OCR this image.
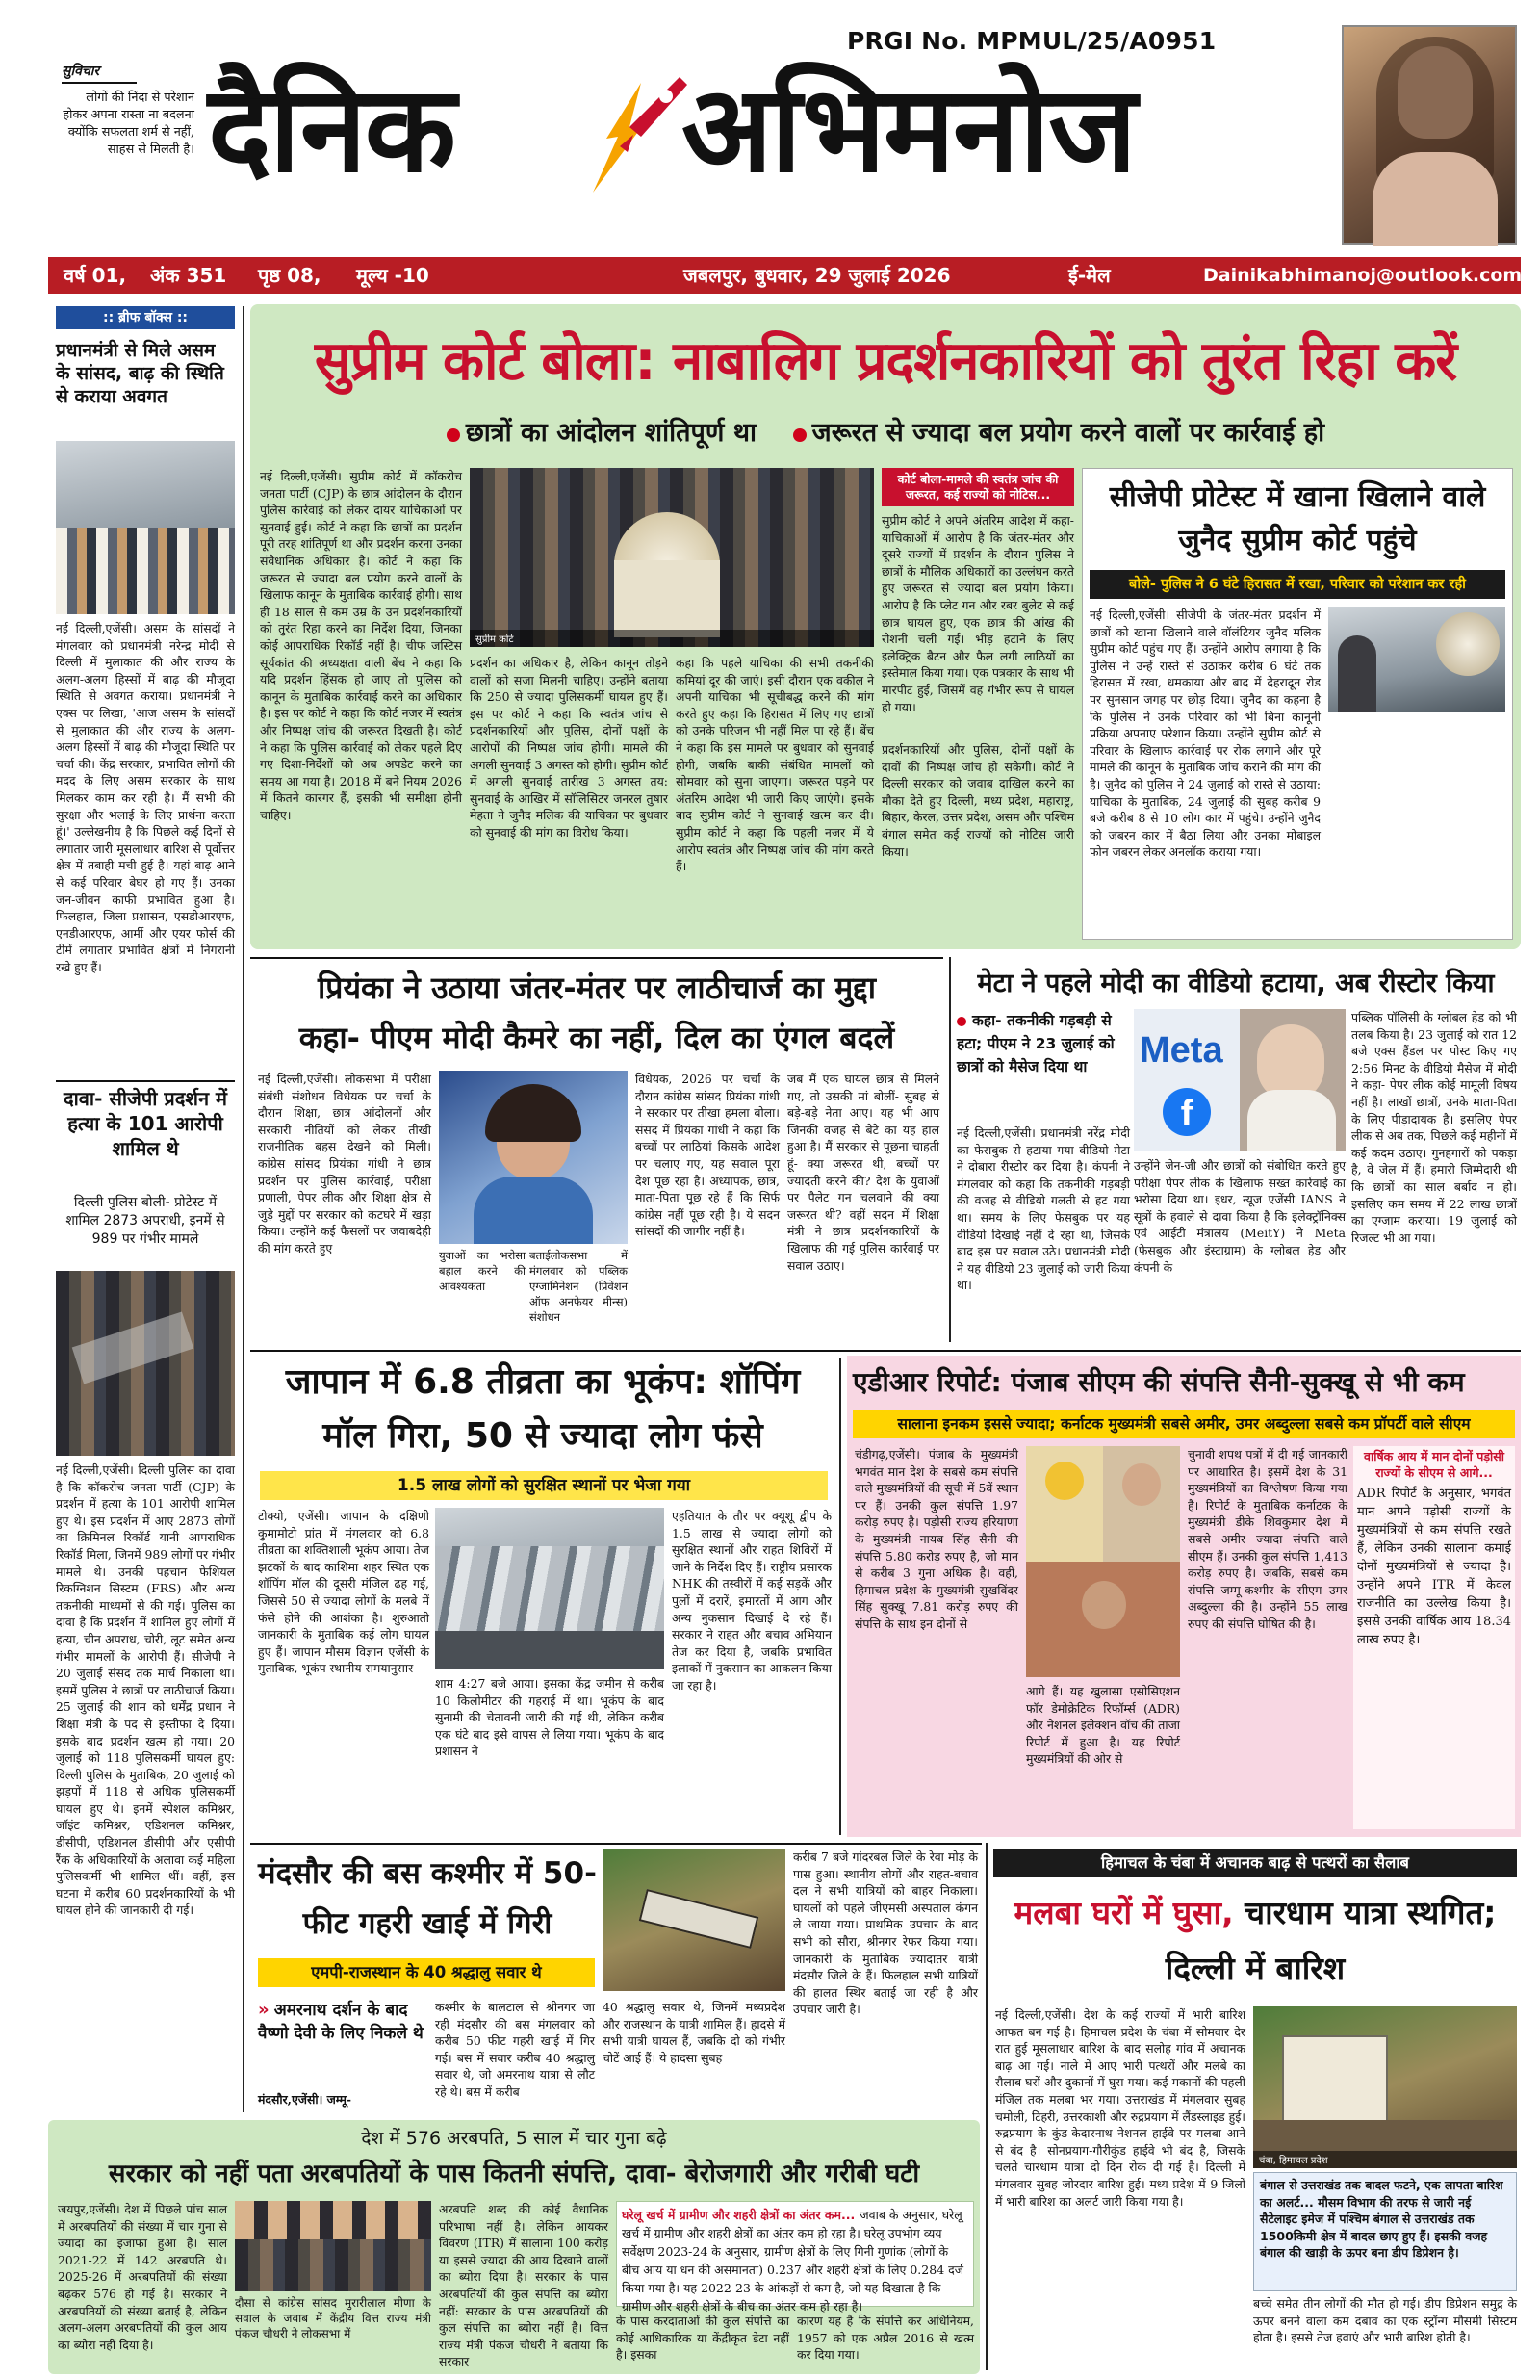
PRGI No. MPMUL/25/A0951
सुविचार
लोगों की निंदा से परेशान होकर अपना रास्ता ना बदलना क्योंकि सफलता शर्म से नहीं, साहस से मिलती है। दैनिक अभिमनोज
वर्ष 01, अंक 351 पृष्ठ 08, मूल्य -10	जबलपुर, बुधवार, 29 जुलाई 2026	ई-मेल	Dainikabhimanoj@outlook.com
:: ब्रीफ बॉक्स ::
प्रधानमंत्री से मिले असम के सांसद, बाढ़ की स्थिति से कराया अवगत
नई दिल्ली,एजेंसी। असम के सांसदों ने मंगलवार को प्रधानमंत्री नरेन्द्र मोदी से दिल्ली में मुलाकात की और राज्य के अलग-अलग हिस्सों में बाढ़ की मौजूदा स्थिति से अवगत कराया। प्रधानमंत्री ने एक्स पर लिखा, 'आज असम के सांसदों से मुलाकात की और राज्य के अलग-अलग हिस्सों में बाढ़ की मौजूदा स्थिति पर चर्चा की। केंद्र सरकार, प्रभावित लोगों की मदद के लिए असम सरकार के साथ मिलकर काम कर रही है। मैं सभी की सुरक्षा और भलाई के लिए प्रार्थना करता हूं।' उल्लेखनीय है कि पिछले कई दिनों से लगातार जारी मूसलाधार बारिश से पूर्वोत्तर क्षेत्र में तबाही मची हुई है। यहां बाढ़ आने से कई परिवार बेघर हो गए हैं। उनका जन-जीवन काफी प्रभावित हुआ है। फिलहाल, जिला प्रशासन, एसडीआरएफ, एनडीआरएफ, आर्मी और एयर फोर्स की टीमें लगातार प्रभावित क्षेत्रों में निगरानी रखे हुए हैं।
दावा- सीजेपी प्रदर्शन में हत्या के 101 आरोपी शामिल थे
दिल्ली पुलिस बोली- प्रोटेस्ट में शामिल 2873 अपराधी, इनमें से 989 पर गंभीर मामले
नई दिल्ली,एजेंसी। दिल्ली पुलिस का दावा है कि कॉकरोच जनता पार्टी (CJP) के प्रदर्शन में हत्या के 101 आरोपी शामिल हुए थे। इस प्रदर्शन में आए 2873 लोगों का क्रिमिनल रिकॉर्ड यानी आपराधिक रिकॉर्ड मिला, जिनमें 989 लोगों पर गंभीर मामले थे। उनकी पहचान फेशियल रिकग्निशन सिस्टम (FRS) और अन्य तकनीकी माध्यमों से की गई। पुलिस का दावा है कि प्रदर्शन में शामिल हुए लोगों में हत्या, चीन अपराध, चोरी, लूट समेत अन्य गंभीर मामलों के आरोपी हैं। सीजेपी ने 20 जुलाई संसद तक मार्च निकाला था। इसमें पुलिस ने छात्रों पर लाठीचार्ज किया। 25 जुलाई की शाम को धर्मेंद्र प्रधान ने शिक्षा मंत्री के पद से इस्तीफा दे दिया। इसके बाद प्रदर्शन खत्म हो गया। 20 जुलाई को 118 पुलिसकर्मी घायल हुए: दिल्ली पुलिस के मुताबिक, 20 जुलाई को झड़पों में 118 से अधिक पुलिसकर्मी घायल हुए थे। इनमें स्पेशल कमिश्नर, जॉइंट कमिश्नर, एडिशनल कमिश्नर, डीसीपी, एडिशनल डीसीपी और एसीपी रैंक के अधिकारियों के अलावा कई महिला पुलिसकर्मी भी शामिल थीं। वहीं, इस घटना में करीब 60 प्रदर्शनकारियों के भी घायल होने की जानकारी दी गई।
सुप्रीम कोर्ट बोला: नाबालिग प्रदर्शनकारियों को तुरंत रिहा करें
छात्रों का आंदोलन शांतिपूर्ण था जरूरत से ज्यादा बल प्रयोग करने वालों पर कार्रवाई हो
नई दिल्ली,एजेंसी। सुप्रीम कोर्ट में कॉकरोच जनता पार्टी (CJP) के छात्र आंदोलन के दौरान पुलिस कार्रवाई को लेकर दायर याचिकाओं पर सुनवाई हुई। कोर्ट ने कहा कि छात्रों का प्रदर्शन पूरी तरह शांतिपूर्ण था और प्रदर्शन करना उनका संवैधानिक अधिकार है। कोर्ट ने कहा कि जरूरत से ज्यादा बल प्रयोग करने वालों के खिलाफ कानून के मुताबिक कार्रवाई होगी। साथ ही 18 साल से कम उम्र के उन प्रदर्शनकारियों को तुरंत रिहा करने का निर्देश दिया, जिनका कोई आपराधिक रिकॉर्ड नहीं है। चीफ जस्टिस सूर्यकांत की अध्यक्षता वाली बेंच ने कहा कि यदि प्रदर्शन हिंसक हो जाए तो पुलिस को कानून के मुताबिक कार्रवाई करने का अधिकार है। इस पर कोर्ट ने कहा कि कोर्ट नजर में स्वतंत्र और निष्पक्ष जांच की जरूरत दिखती है। कोर्ट ने कहा कि पुलिस कार्रवाई को लेकर पहले दिए गए दिशा-निर्देशों को अब अपडेट करने का समय आ गया है। 2018 में बने नियम 2026 में कितने कारगर हैं, इसकी भी समीक्षा होनी चाहिए।
सुप्रीम कोर्ट
प्रदर्शन का अधिकार है, लेकिन कानून तोड़ने वालों को सजा मिलनी चाहिए। उन्होंने बताया कि 250 से ज्यादा पुलिसकर्मी घायल हुए हैं। इस पर कोर्ट ने कहा कि स्वतंत्र जांच से प्रदर्शनकारियों और पुलिस, दोनों पक्षों के आरोपों की निष्पक्ष जांच होगी। मामले की अगली सुनवाई 3 अगस्त को होगी। सुप्रीम कोर्ट में अगली सुनवाई तारीख 3 अगस्त तय: सुनवाई के आखिर में सॉलिसिटर जनरल तुषार मेहता ने जुनैद मलिक की याचिका पर बुधवार को सुनवाई की मांग का विरोध किया।
कहा कि पहले याचिका की सभी तकनीकी कमियां दूर की जाएं। इसी दौरान एक वकील ने अपनी याचिका भी सूचीबद्ध करने की मांग करते हुए कहा कि हिरासत में लिए गए छात्रों को उनके परिजन भी नहीं मिल पा रहे हैं। बेंच ने कहा कि इस मामले पर बुधवार को सुनवाई होगी, जबकि बाकी संबंधित मामलों को सोमवार को सुना जाएगा। जरूरत पड़ने पर अंतरिम आदेश भी जारी किए जाएंगे। इसके बाद सुप्रीम कोर्ट ने सुनवाई खत्म कर दी। सुप्रीम कोर्ट ने कहा कि पहली नजर में ये आरोप स्वतंत्र और निष्पक्ष जांच की मांग करते हैं।
कोर्ट बोला-मामले की स्वतंत्र जांच की जरूरत, कई राज्यों को नोटिस...
सुप्रीम कोर्ट ने अपने अंतरिम आदेश में कहा- याचिकाओं में आरोप है कि जंतर-मंतर और दूसरे राज्यों में प्रदर्शन के दौरान पुलिस ने छात्रों के मौलिक अधिकारों का उल्लंघन करते हुए जरूरत से ज्यादा बल प्रयोग किया। आरोप है कि प्लेट गन और रबर बुलेट से कई छात्र घायल हुए, एक छात्र की आंख की रोशनी चली गई। भीड़ हटाने के लिए इलेक्ट्रिक बैटन और फैल लगी लाठियों का इस्तेमाल किया गया। एक पत्रकार के साथ भी मारपीट हुई, जिसमें वह गंभीर रूप से घायल हो गया।
प्रदर्शनकारियों और पुलिस, दोनों पक्षों के दावों की निष्पक्ष जांच हो सकेगी। कोर्ट ने दिल्ली सरकार को जवाब दाखिल करने का मौका देते हुए दिल्ली, मध्य प्रदेश, महाराष्ट्र, बिहार, केरल, उत्तर प्रदेश, असम और पश्चिम बंगाल समेत कई राज्यों को नोटिस जारी किया।
सीजेपी प्रोटेस्ट में खाना खिलाने वाले जुनैद सुप्रीम कोर्ट पहुंचे
बोले- पुलिस ने 6 घंटे हिरासत में रखा, परिवार को परेशान कर रही
नई दिल्ली,एजेंसी। सीजेपी के जंतर-मंतर प्रदर्शन में छात्रों को खाना खिलाने वाले वॉलंटियर जुनैद मलिक सुप्रीम कोर्ट पहुंच गए हैं। उन्होंने आरोप लगाया है कि पुलिस ने उन्हें रास्ते से उठाकर करीब 6 घंटे तक हिरासत में रखा, धमकाया और बाद में देहरादून रोड पर सुनसान जगह पर छोड़ दिया। जुनैद का कहना है कि पुलिस ने उनके परिवार को भी बिना कानूनी प्रक्रिया अपनाए परेशान किया। उन्होंने सुप्रीम कोर्ट से परिवार के खिलाफ कार्रवाई पर रोक लगाने और पूरे मामले की कानून के मुताबिक जांच कराने की मांग की है। जुनैद को पुलिस ने 24 जुलाई को रास्ते से उठाया: याचिका के मुताबिक, 24 जुलाई की सुबह करीब 9 बजे करीब 8 से 10 लोग कार में पहुंचे। उन्होंने जुनैद को जबरन कार में बैठा लिया और उनका मोबाइल फोन जबरन लेकर अनलॉक कराया गया।
प्रियंका ने उठाया जंतर-मंतर पर लाठीचार्ज का मुद्दा
कहा- पीएम मोदी कैमरे का नहीं, दिल का एंगल बदलें
नई दिल्ली,एजेंसी। लोकसभा में परीक्षा संबंधी संशोधन विधेयक पर चर्चा के दौरान शिक्षा, छात्र आंदोलनों और सरकारी नीतियों को लेकर तीखी राजनीतिक बहस देखने को मिली। कांग्रेस सांसद प्रियंका गांधी ने छात्र प्रदर्शन पर पुलिस कार्रवाई, परीक्षा प्रणाली, पेपर लीक और शिक्षा क्षेत्र से जुड़े मुद्दों पर सरकार को कटघरे में खड़ा किया। उन्होंने कई फैसलों पर जवाबदेही की मांग करते हुए
युवाओं का भरोसा बहाल करने की आवश्यकता
बताईलोकसभा में मंगलवार को पब्लिक एग्जामिनेशन (प्रिवेंशन ऑफ अनफेयर मीन्स) संशोधन
विधेयक, 2026 पर चर्चा के दौरान कांग्रेस सांसद प्रियंका गांधी ने सरकार पर तीखा हमला बोला। संसद में प्रियंका गांधी ने कहा कि बच्चों पर लाठियां किसके आदेश पर चलाए गए, यह सवाल पूरा देश पूछ रहा है। अध्यापक, छात्र, माता-पिता पूछ रहे हैं कि सिर्फ कांग्रेस नहीं पूछ रही है। ये सदन सांसदों की जागीर नहीं है।
जब मैं एक घायल छात्र से मिलने गए, तो उसकी मां बोलीं- सुबह से बड़े-बड़े नेता आए। यह भी आप जिनकी वजह से बेटे का यह हाल हुआ है। मैं सरकार से पूछना चाहती हूं- क्या जरूरत थी, बच्चों पर ज्यादती करने की? देश के युवाओं पर पैलेट गन चलवाने की क्या जरूरत थी? वहीं सदन में शिक्षा मंत्री ने छात्र प्रदर्शनकारियों के खिलाफ की गई पुलिस कार्रवाई पर सवाल उठाए।
मेटा ने पहले मोदी का वीडियो हटाया, अब रीस्टोर किया
कहा- तकनीकी गड़बड़ी से हटा; पीएम ने 23 जुलाई को छात्रों को मैसेज दिया था	Meta
f
नई दिल्ली,एजेंसी। प्रधानमंत्री नरेंद्र मोदी का फेसबुक से हटाया गया वीडियो मेटा ने दोबारा रीस्टोर कर दिया है। कंपनी ने मंगलवार को कहा कि तकनीकी गड़बड़ी की वजह से वीडियो गलती से हट गया था। समय के लिए फेसबुक पर यह वीडियो दिखाई नहीं दे रहा था, जिसके बाद इस पर सवाल उठे। प्रधानमंत्री मोदी ने यह वीडियो 23 जुलाई को जारी किया था।
उन्होंने जेन-जी और छात्रों को संबोधित करते हुए परीक्षा पेपर लीक के खिलाफ सख्त कार्रवाई का भरोसा दिया था। इधर, न्यूज एजेंसी IANS ने सूत्रों के हवाले से दावा किया है कि इलेक्ट्रॉनिक्स एवं आईटी मंत्रालय (MeitY) ने Meta (फेसबुक और इंस्टाग्राम) के ग्लोबल हेड और कंपनी के
पब्लिक पॉलिसी के ग्लोबल हेड को भी तलब किया है। 23 जुलाई को रात 12 बजे एक्स हैंडल पर पोस्ट किए गए 2:56 मिनट के वीडियो मैसेज में मोदी ने कहा- पेपर लीक कोई मामूली विषय नहीं है। लाखों छात्रों, उनके माता-पिता के लिए पीड़ादायक है। इसलिए पेपर लीक से अब तक, पिछले कई महीनों में कई कदम उठाए। गुनहगारों को पकड़ा है, वे जेल में हैं। हमारी जिम्मेदारी थी कि छात्रों का साल बर्बाद न हो। इसलिए कम समय में 22 लाख छात्रों का एग्जाम कराया। 19 जुलाई को रिजल्ट भी आ गया।
जापान में 6.8 तीव्रता का भूकंप: शॉपिंग
मॉल गिरा, 50 से ज्यादा लोग फंसे
1.5 लाख लोगों को सुरक्षित स्थानों पर भेजा गया
टोक्यो, एजेंसी। जापान के दक्षिणी कुमामोटो प्रांत में मंगलवार को 6.8 तीव्रता का शक्तिशाली भूकंप आया। तेज झटकों के बाद काशिमा शहर स्थित एक शॉपिंग मॉल की दूसरी मंजिल ढह गई, जिससे 50 से ज्यादा लोगों के मलबे में फंसे होने की आशंका है। शुरुआती जानकारी के मुताबिक कई लोग घायल हुए हैं। जापान मौसम विज्ञान एजेंसी के मुताबिक, भूकंप स्थानीय समयानुसार
शाम 4:27 बजे आया। इसका केंद्र जमीन से करीब 10 किलोमीटर की गहराई में था। भूकंप के बाद सुनामी की चेतावनी जारी की गई थी, लेकिन करीब एक घंटे बाद इसे वापस ले लिया गया। भूकंप के बाद प्रशासन ने
एहतियात के तौर पर क्यूशू द्वीप के 1.5 लाख से ज्यादा लोगों को सुरक्षित स्थानों और राहत शिविरों में जाने के निर्देश दिए हैं। राष्ट्रीय प्रसारक NHK की तस्वीरों में कई सड़कें और पुलों में दरारें, इमारतों में आग और अन्य नुकसान दिखाई दे रहे हैं। सरकार ने राहत और बचाव अभियान तेज कर दिया है, जबकि प्रभावित इलाकों में नुकसान का आकलन किया जा रहा है।
एडीआर रिपोर्ट: पंजाब सीएम की संपत्ति सैनी-सुक्खू से भी कम
सालाना इनकम इससे ज्यादा; कर्नाटक मुख्यमंत्री सबसे अमीर, उमर अब्दुल्ला सबसे कम प्रॉपर्टी वाले सीएम
चंडीगढ़,एजेंसी। पंजाब के मुख्यमंत्री भगवंत मान देश के सबसे कम संपत्ति वाले मुख्यमंत्रियों की सूची में 5वें स्थान पर हैं। उनकी कुल संपत्ति 1.97 करोड़ रुपए है। पड़ोसी राज्य हरियाणा के मुख्यमंत्री नायब सिंह सैनी की संपत्ति 5.80 करोड़ रुपए है, जो मान से करीब 3 गुना अधिक है। वहीं, हिमाचल प्रदेश के मुख्यमंत्री सुखविंदर सिंह सुक्खू 7.81 करोड़ रुपए की संपत्ति के साथ इन दोनों से
आगे हैं। यह खुलासा एसोसिएशन फॉर डेमोक्रेटिक रिफॉर्म्स (ADR) और नेशनल इलेक्शन वॉच की ताजा रिपोर्ट में हुआ है। यह रिपोर्ट मुख्यमंत्रियों की ओर से
चुनावी शपथ पत्रों में दी गई जानकारी पर आधारित है। इसमें देश के 31 मुख्यमंत्रियों का विश्लेषण किया गया है। रिपोर्ट के मुताबिक कर्नाटक के मुख्यमंत्री डीके शिवकुमार देश में सबसे अमीर ज्यादा संपत्ति वाले सीएम हैं। उनकी कुल संपत्ति 1,413 करोड़ रुपए है। जबकि, सबसे कम संपत्ति जम्मू-कश्मीर के सीएम उमर अब्दुल्ला की है। उन्होंने 55 लाख रुपए की संपत्ति घोषित की है।
वार्षिक आय में मान दोनों पड़ोसी राज्यों के सीएम से आगे...
ADR रिपोर्ट के अनुसार, भगवंत मान अपने पड़ोसी राज्यों के मुख्यमंत्रियों से कम संपत्ति रखते हैं, लेकिन उनकी सालाना कमाई दोनों मुख्यमंत्रियों से ज्यादा है। उन्होंने अपने ITR में केवल राजनीति का उल्लेख किया है। इससे उनकी वार्षिक आय 18.34 लाख रुपए है।
मंदसौर की बस कश्मीर में 50-फीट गहरी खाई में गिरी
एमपी-राजस्थान के 40 श्रद्धालु सवार थे
» अमरनाथ दर्शन के बाद वैष्णो देवी के लिए निकले थे
मंदसौर,एजेंसी। जम्मू-
कश्मीर के बालटाल से श्रीनगर जा रही मंदसौर की बस मंगलवार को करीब 50 फीट गहरी खाई में गिर गई। बस में सवार करीब 40 श्रद्धालु सवार थे, जो अमरनाथ यात्रा से लौट रहे थे। बस में करीब
40 श्रद्धालु सवार थे, जिनमें मध्यप्रदेश और राजस्थान के यात्री शामिल हैं। हादसे में सभी यात्री घायल हैं, जबकि दो को गंभीर चोटें आई हैं। ये हादसा सुबह
करीब 7 बजे गांदरबल जिले के रेवा मोड़ के पास हुआ। स्थानीय लोगों और राहत-बचाव दल ने सभी यात्रियों को बाहर निकाला। घायलों को पहले जीएमसी अस्पताल कंगन ले जाया गया। प्राथमिक उपचार के बाद सभी को सौरा, श्रीनगर रेफर किया गया। जानकारी के मुताबिक ज्यादातर यात्री मंदसौर जिले के हैं। फिलहाल सभी यात्रियों की हालत स्थिर बताई जा रही है और उपचार जारी है।
हिमाचल के चंबा में अचानक बाढ़ से पत्थरों का सैलाब
मलबा घरों में घुसा, चारधाम यात्रा स्थगित; दिल्ली में बारिश
नई दिल्ली,एजेंसी। देश के कई राज्यों में भारी बारिश आफत बन गई है। हिमाचल प्रदेश के चंबा में सोमवार देर रात हुई मूसलाधार बारिश के बाद सलोह गांव में अचानक बाढ़ आ गई। नाले में आए भारी पत्थरों और मलबे का सैलाब घरों और दुकानों में घुस गया। कई मकानों की पहली मंजिल तक मलबा भर गया। उत्तराखंड में मंगलवार सुबह चमोली, टिहरी, उत्तरकाशी और रुद्रप्रयाग में लैंडस्लाइड हुई। रुद्रप्रयाग के कुंड-केदारनाथ नेशनल हाईवे पर मलबा आने से बंद है। सोनप्रयाग-गौरीकुंड हाईवे भी बंद है, जिसके चलते चारधाम यात्रा दो दिन रोक दी गई है। दिल्ली में मंगलवार सुबह जोरदार बारिश हुई। मध्य प्रदेश में 9 जिलों में भारी बारिश का अलर्ट जारी किया गया है।
चंबा, हिमाचल प्रदेश
बंगाल से उत्तराखंड तक बादल फटने, एक लापता बारिश का अलर्ट... मौसम विभाग की तरफ से जारी नई सैटेलाइट इमेज में पश्चिम बंगाल से उत्तराखंड तक 1500किमी क्षेत्र में बादल छाए हुए हैं। इसकी वजह बंगाल की खाड़ी के ऊपर बना डीप डिप्रेशन है।
बच्चे समेत तीन लोगों की मौत हो गई। डीप डिप्रेशन समुद्र के ऊपर बनने वाला कम दबाव का एक स्ट्रॉन्ग मौसमी सिस्टम होता है। इससे तेज हवाएं और भारी बारिश होती है।
देश में 576 अरबपति, 5 साल में चार गुना बढ़े
सरकार को नहीं पता अरबपतियों के पास कितनी संपत्ति, दावा- बेरोजगारी और गरीबी घटी
जयपुर,एजेंसी। देश में पिछले पांच साल में अरबपतियों की संख्या में चार गुना से ज्यादा का इजाफा हुआ है। साल 2021-22 में 142 अरबपति थे। 2025-26 में अरबपतियों की संख्या बढ़कर 576 हो गई है। सरकार ने अरबपतियों की संख्या बताई है, लेकिन अलग-अलग अरबपतियों की कुल आय का ब्योरा नहीं दिया है।
दौसा से कांग्रेस सांसद मुरारीलाल मीणा के सवाल के जवाब में केंद्रीय वित्त राज्य मंत्री पंकज चौधरी ने लोकसभा में
अरबपति शब्द की कोई वैधानिक परिभाषा नहीं है। लेकिन आयकर विवरण (ITR) में सालाना 100 करोड़ या इससे ज्यादा की आय दिखाने वालों का ब्योरा दिया है। सरकार के पास अरबपतियों की कुल संपत्ति का ब्योरा नहीं: सरकार के पास अरबपतियों की कुल संपत्ति का ब्योरा नहीं है। वित्त राज्य मंत्री पंकज चौधरी ने बताया कि सरकार
घरेलू खर्च में ग्रामीण और शहरी क्षेत्रों का अंतर कम... जवाब के अनुसार, घरेलू खर्च में ग्रामीण और शहरी क्षेत्रों का अंतर कम हो रहा है। घरेलू उपभोग व्यय सर्वेक्षण 2023-24 के अनुसार, ग्रामीण क्षेत्रों के लिए गिनी गुणांक (लोगों के बीच आय या धन की असमानता) 0.237 और शहरी क्षेत्रों के लिए 0.284 दर्ज किया गया है। यह 2022-23 के आंकड़ों से कम है, जो यह दिखाता है कि ग्रामीण और शहरी क्षेत्रों के बीच का अंतर कम हो रहा है।
के पास करदाताओं की कुल संपत्ति का कोई आधिकारिक या केंद्रीकृत डेटा नहीं है। इसका
कारण यह है कि संपत्ति कर अधिनियम, 1957 को एक अप्रैल 2016 से खत्म कर दिया गया।
